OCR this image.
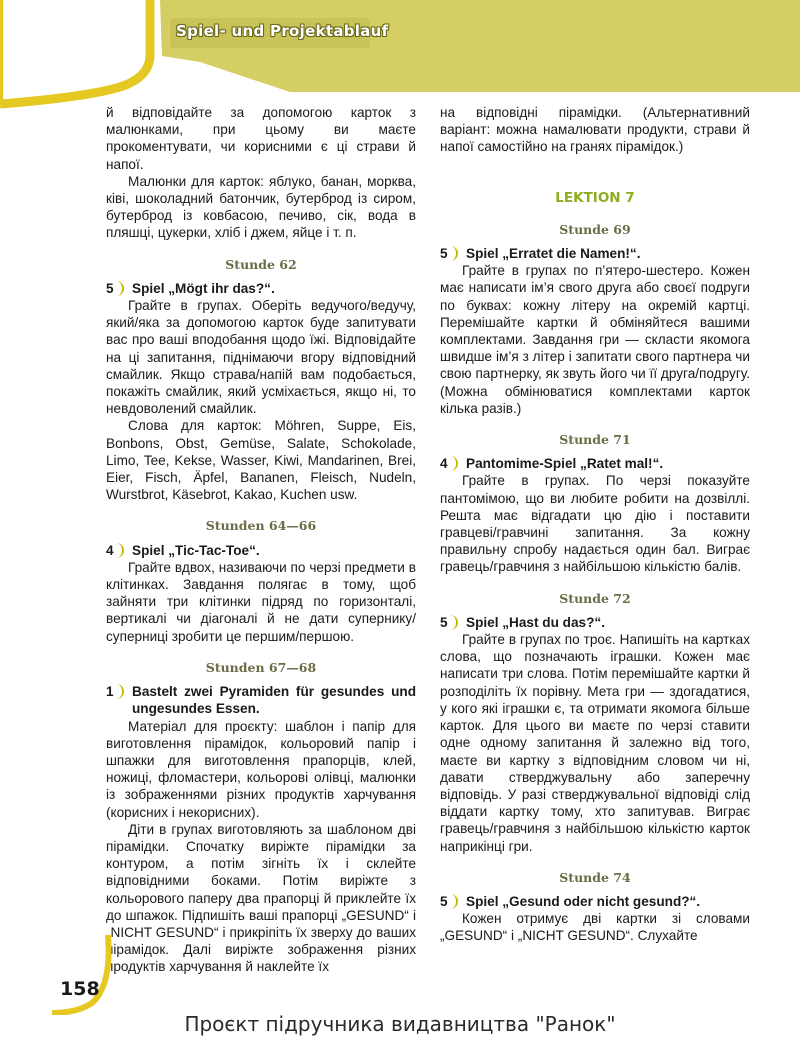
Spiel- und Projektablauf

й відповідайте за допомогою карток з малюнками, при цьому ви маєте прокоментувати, чи корисними є ці страви й напої.

Малюнки для карток: яблуко, банан, морква, ківі, шоколадний батончик, бутерброд із сиром, бутерброд із ковбасою, печиво, сік, вода в пляшці, цукерки, хліб і джем, яйце і т. п.

Stunde 62

5	Spiel „Mögt ihr das?“.

Грайте в групах. Оберіть ведучого/ведучу, який/яка за допомогою карток буде запитувати вас про ваші вподобання щодо їжі. Відповідайте на ці запитання, піднімаючи вгору відповідний смайлик. Якщо страва/напій вам подобається, покажіть смайлик, який усміхається, якщо ні, то невдоволений смайлик.

Слова для карток: Möhren, Suppe, Eis, Bonbons, Obst, Gemüse, Salate, Schokolade, Limo, Tee, Kekse, Wasser, Kiwi, Mandarinen, Brei, Eier, Fisch, Äpfel, Bananen, Fleisch, Nudeln, Wurstbrot, Käsebrot, Kakao, Kuchen usw.

Stunden 64—66

4	Spiel „Tic-Tac-Toe“.

Грайте вдвох, називаючи по черзі предмети в клітинках. Завдання полягає в тому, щоб зайняти три клітинки підряд по горизонталі, вертикалі чи діагоналі й не дати супернику/суперниці зробити це першим/першою.

Stunden 67—68

1	Bastelt zwei Pyramiden für gesundes und ungesundes Essen.

Матеріал для проєкту: шаблон і папір для виготовлення пірамідок, кольоровий папір і шпажки для виготовлення прапорців, клей, ножиці, фломастери, кольорові олівці, малюнки із зображеннями різних продуктів харчування (корисних і некорисних).

Діти в групах виготовляють за шаблоном дві пірамідки. Спочатку виріжте пірамідки за контуром, а потім зігніть їх і склейте відповідними боками. Потім виріжте з кольорового паперу два прапорці й приклейте їх до шпажок. Підпишіть ваші прапорці „GESUND“ і „NICHT GESUND“ і прикріпіть їх зверху до ваших пірамідок. Далі виріжте зображення різних продуктів харчування й наклейте їх

на відповідні пірамідки. (Альтернативний варіант: можна намалювати продукти, страви й напої самостійно на гранях пірамідок.)

LEKTION 7

Stunde 69

5	Spiel „Erratet die Namen!“.

Грайте в групах по п’ятеро-шестеро. Кожен має написати ім’я свого друга або своєї подруги по буквах: кожну літеру на окремій картці. Перемішайте картки й обміняйтеся вашими комплектами. Завдання гри — скласти якомога швидше ім’я з літер і запитати свого партнера чи свою партнерку, як звуть його чи її друга/подругу. (Можна обмінюватися комплектами карток кілька разів.)

Stunde 71

4	Pantomime-Spiel „Ratet mal!“.

Грайте в групах. По черзі показуйте пантомімою, що ви любите робити на дозвіллі. Решта має відгадати цю дію і поставити гравцеві/гравчині запитання. За кожну правильну спробу надається один бал. Виграє гравець/гравчиня з найбільшою кількістю балів.

Stunde 72

5	Spiel „Hast du das?“.

Грайте в групах по троє. Напишіть на картках слова, що позначають іграшки. Кожен має написати три слова. Потім перемішайте картки й розподіліть їх порівну. Мета гри — здогадатися, у кого які іграшки є, та отримати якомога більше карток. Для цього ви маєте по черзі ставити одне одному запитання й залежно від того, маєте ви картку з відповідним словом чи ні, давати стверджувальну або заперечну відповідь. У разі стверджувальної відповіді слід віддати картку тому, хто запитував. Виграє гравець/гравчиня з найбільшою кількістю карток наприкінці гри.

Stunde 74

5	Spiel „Gesund oder nicht gesund?“.

Кожен отримує дві картки зі словами „GESUND“ і „NICHT GESUND“. Слухайте

158
Проєкт підручника видавництва "Ранок"
